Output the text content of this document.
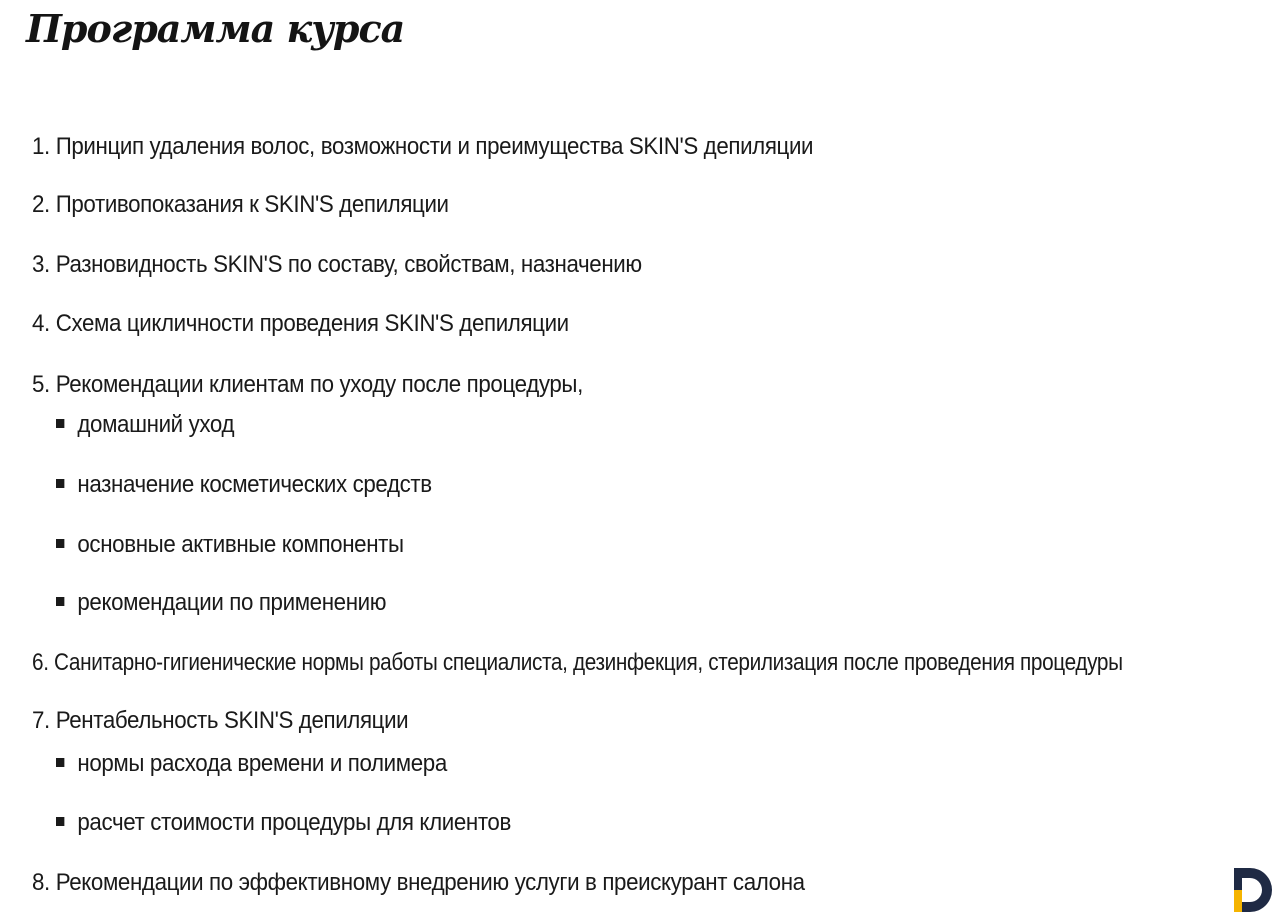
Программа курса
1. Принцип удаления волос, возможности и преимущества SKIN'S депиляции
2. Противопоказания к SKIN'S депиляции
3. Разновидность SKIN'S по составу, свойствам, назначению
4. Схема цикличности проведения SKIN'S депиляции
5. Рекомендации клиентам по уходу после процедуры,
домашний уход
назначение косметических средств
основные активные компоненты
рекомендации по применению
6. Санитарно-гигиенические нормы работы специалиста, дезинфекция, стерилизация после проведения процедуры
7. Рентабельность SKIN'S депиляции
нормы расхода времени и полимера
расчет стоимости процедуры для клиентов
8. Рекомендации по эффективному внедрению услуги в преискурант салона
